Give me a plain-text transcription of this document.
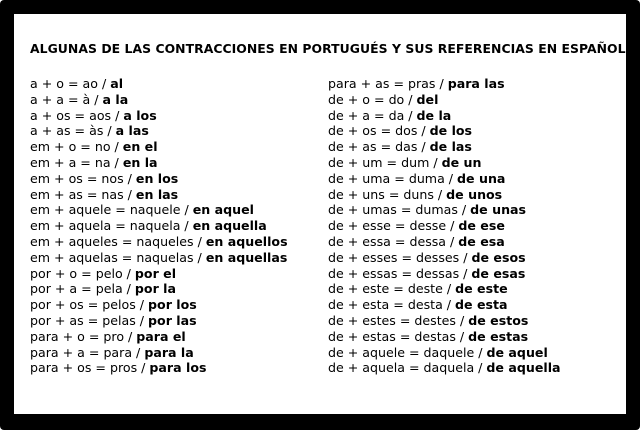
ALGUNAS DE LAS CONTRACCIONES EN PORTUGUÉS Y SUS REFERENCIAS EN ESPAÑOL:
a + o = ao / al
a + a = à / a la
a + os = aos / a los
a + as = às / a las
em + o = no / en el
em + a = na / en la
em + os = nos / en los
em + as = nas / en las
em + aquele = naquele / en aquel
em + aquela = naquela / en aquella
em + aqueles = naqueles / en aquellos
em + aquelas = naquelas / en aquellas
por + o = pelo / por el
por + a = pela / por la
por + os = pelos / por los
por + as = pelas / por las
para + o = pro / para el
para + a = para / para la
para + os = pros / para los
para + as = pras / para las
de + o = do / del
de + a = da / de la
de + os = dos / de los
de + as = das / de las
de + um = dum / de un
de + uma = duma / de una
de + uns = duns / de unos
de + umas = dumas / de unas
de + esse = desse / de ese
de + essa = dessa / de esa
de + esses = desses / de esos
de + essas = dessas / de esas
de + este = deste / de este
de + esta = desta / de esta
de + estes = destes / de estos
de + estas = destas / de estas
de + aquele = daquele / de aquel
de + aquela = daquela / de aquella
